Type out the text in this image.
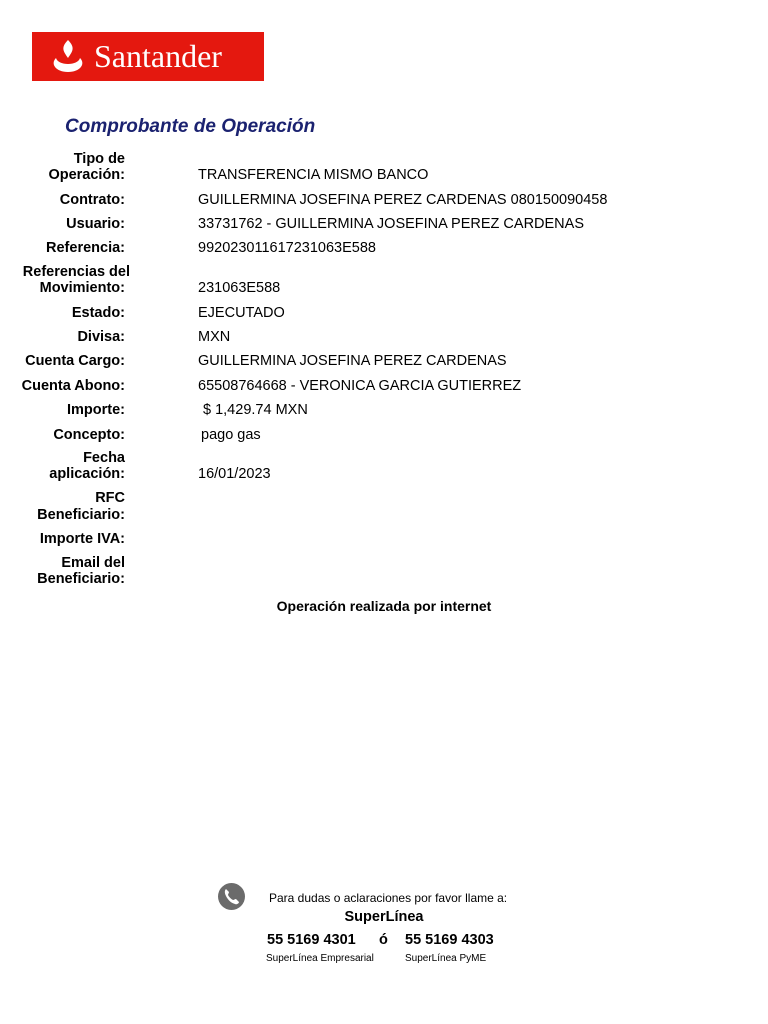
Santander
Comprobante de Operación
Tipo de
Operación:	TRANSFERENCIA MISMO BANCO
Contrato:	GUILLERMINA JOSEFINA PEREZ CARDENAS 080150090458
Usuario:	33731762 - GUILLERMINA JOSEFINA PEREZ CARDENAS
Referencia:	992023011617231063E588
Referencias del
Movimiento:	231063E588
Estado:	EJECUTADO
Divisa:	MXN
Cuenta Cargo:	GUILLERMINA JOSEFINA PEREZ CARDENAS
Cuenta Abono:	65508764668 - VERONICA GARCIA GUTIERREZ
Importe:	$ 1,429.74 MXN
Concepto:	pago gas
Fecha
aplicación:	16/01/2023
RFC
Beneficiario:
Importe IVA:
Email del
Beneficiario:
Operación realizada por internet
Para dudas o aclaraciones por favor llame a:
SuperLínea
55 5169 4301 ó 55 5169 4303
SuperLínea Empresarial	SuperLínea PyME
